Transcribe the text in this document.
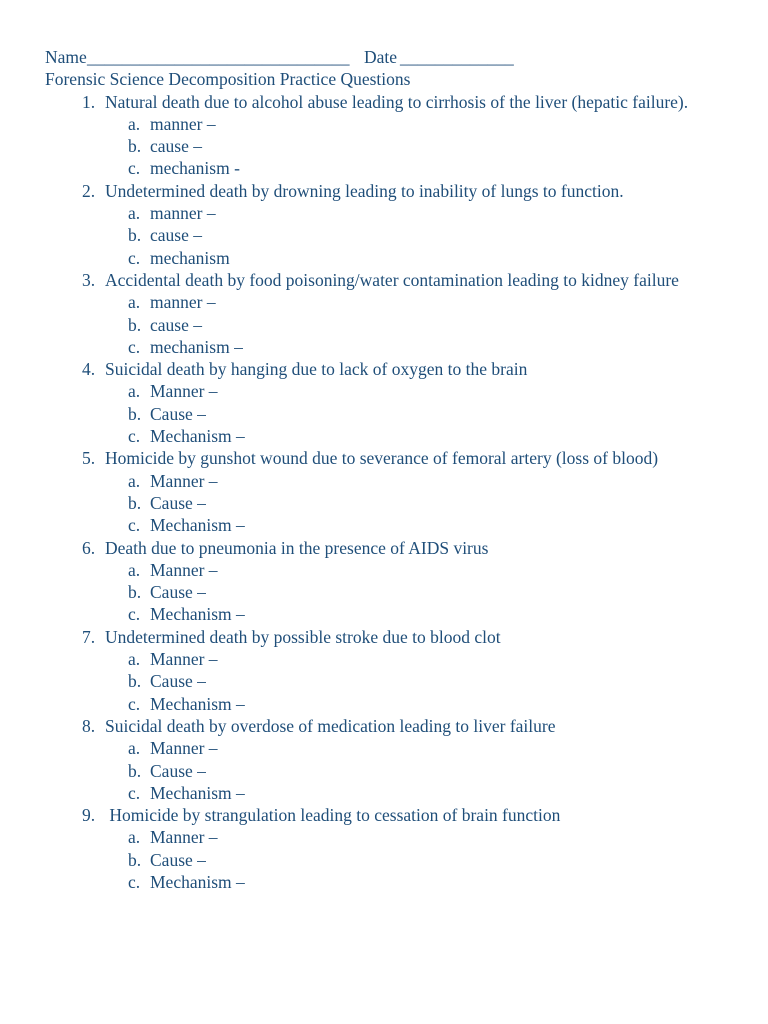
Name ______________________________ Date _____________
Forensic Science Decomposition Practice Questions
1. Natural death due to alcohol abuse leading to cirrhosis of the liver (hepatic failure).
a. manner –
b. cause –
c. mechanism -
2. Undetermined death by drowning leading to inability of lungs to function.
a. manner –
b. cause –
c. mechanism
3. Accidental death by food poisoning/water contamination leading to kidney failure
a. manner –
b. cause –
c. mechanism –
4. Suicidal death by hanging due to lack of oxygen to the brain
a. Manner –
b. Cause –
c. Mechanism –
5. Homicide by gunshot wound due to severance of femoral artery (loss of blood)
a. Manner –
b. Cause –
c. Mechanism –
6. Death due to pneumonia in the presence of AIDS virus
a. Manner –
b. Cause –
c. Mechanism –
7. Undetermined death by possible stroke due to blood clot
a. Manner –
b. Cause –
c. Mechanism –
8. Suicidal death by overdose of medication leading to liver failure
a. Manner –
b. Cause –
c. Mechanism –
9. Homicide by strangulation leading to cessation of brain function
a. Manner –
b. Cause –
c. Mechanism –
